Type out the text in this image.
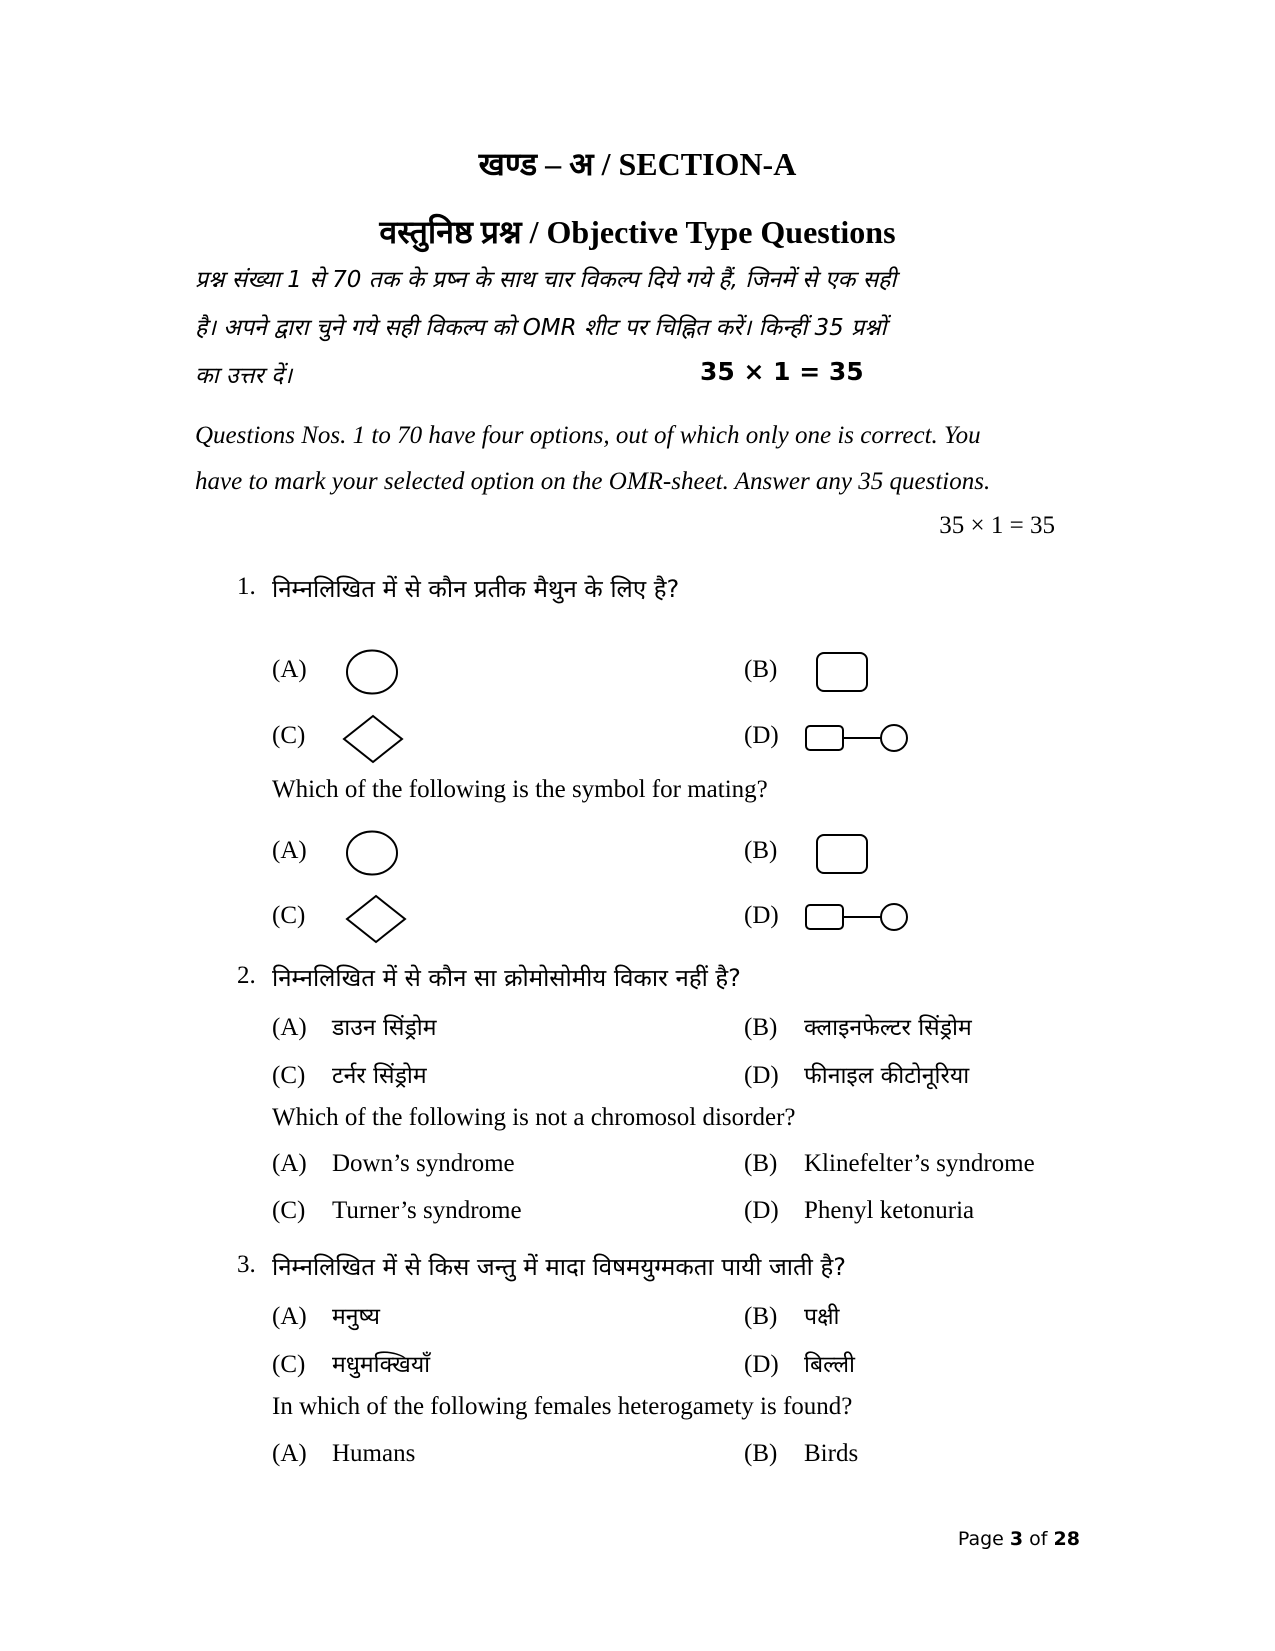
खण्ड – अ / SECTION-A
वस्तुनिष्ठ प्रश्न / Objective Type Questions
प्रश्न संख्या 1 से 70 तक के प्रष्न के साथ चार विकल्प दिये गये हैं, जिनमें से एक सही
है। अपने द्वारा चुने गये सही विकल्प को OMR शीट पर चिह्नित करें। किन्हीं 35 प्रश्नों
का उत्तर दें।	35 × 1 = 35
Questions Nos. 1 to 70 have four options, out of which only one is correct. You
have to mark your selected option on the OMR-sheet. Answer any 35 questions.
35 × 1 = 35
1. निम्नलिखित में से कौन प्रतीक मैथुन के लिए है?
(A)	(B)
(C)	(D)
Which of the following is the symbol for mating?
(A)	(B)
(C)	(D)
2. निम्नलिखित में से कौन सा क्रोमोसोमीय विकार नहीं है?
(A) डाउन सिंड्रोम	(B) क्लाइनफेल्टर सिंड्रोम
(C) टर्नर सिंड्रोम	(D) फीनाइल कीटोनूरिया
Which of the following is not a chromosol disorder?
(A) Down’s syndrome	(B) Klinefelter’s syndrome
(C) Turner’s syndrome	(D) Phenyl ketonuria
3. निम्नलिखित में से किस जन्तु में मादा विषमयुग्मकता पायी जाती है?
(A) मनुष्य	(B) पक्षी
(C) मधुमक्खियाँ	(D) बिल्ली
In which of the following females heterogamety is found?
(A) Humans	(B) Birds
Page 3 of 28
